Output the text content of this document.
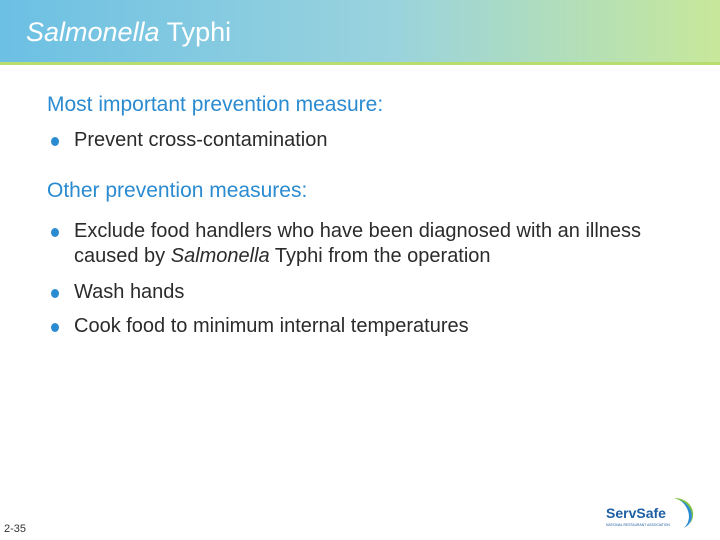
Salmonella Typhi
Most important prevention measure:
Prevent cross-contamination
Other prevention measures:
Exclude food handlers who have been diagnosed with an illness caused by Salmonella Typhi from the operation
Wash hands
Cook food to minimum internal temperatures
2-35
ServSafe
NATIONAL RESTAURANT ASSOCIATION
